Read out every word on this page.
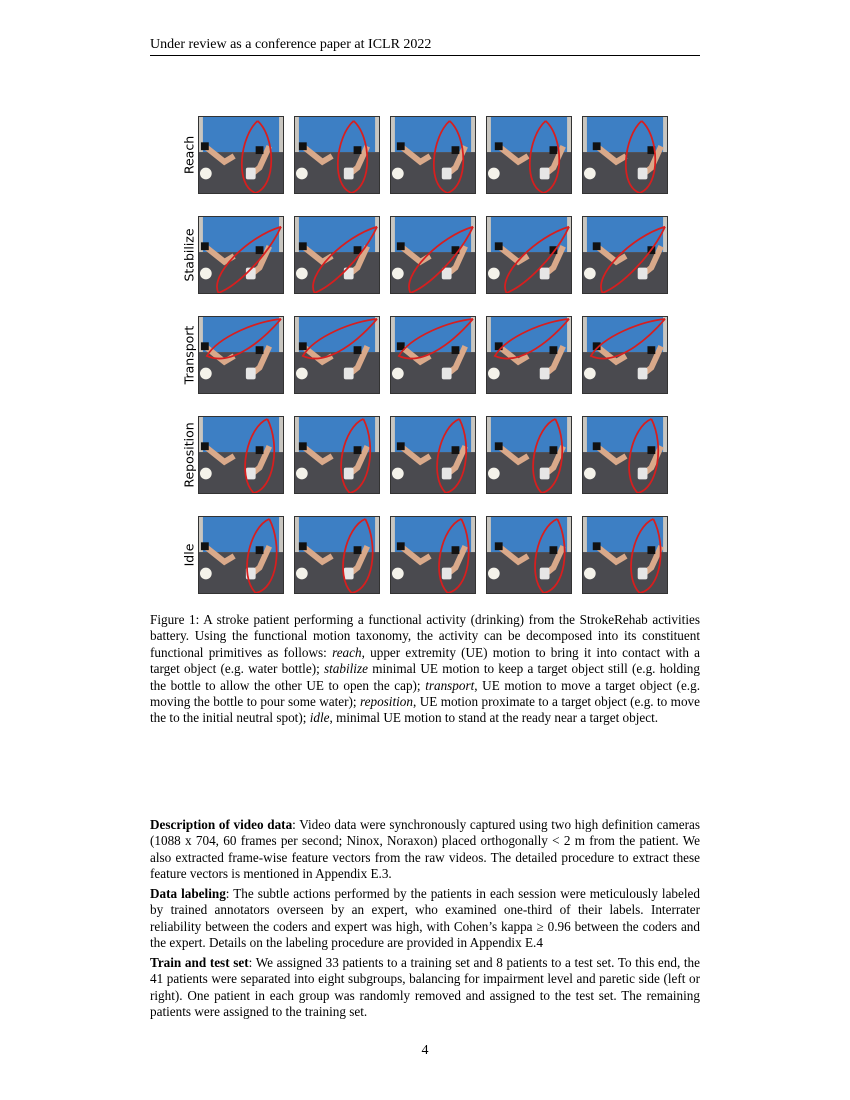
Under review as a conference paper at ICLR 2022
Reach
Stabilize
Transport
Reposition
Idle
Figure 1: A stroke patient performing a functional activity (drinking) from the StrokeRehab activities battery. Using the functional motion taxonomy, the activity can be decomposed into its constituent functional primitives as follows: reach, upper extremity (UE) motion to bring it into contact with a target object (e.g. water bottle); stabilize minimal UE motion to keep a target object still (e.g. holding the bottle to allow the other UE to open the cap); transport, UE motion to move a target object (e.g. moving the bottle to pour some water); reposition, UE motion proximate to a target object (e.g. to move the to the initial neutral spot); idle, minimal UE motion to stand at the ready near a target object.

Description of video data: Video data were synchronously captured using two high definition cameras (1088 x 704, 60 frames per second; Ninox, Noraxon) placed orthogonally < 2 m from the patient. We also extracted frame-wise feature vectors from the raw videos. The detailed procedure to extract these feature vectors is mentioned in Appendix E.3.

Data labeling: The subtle actions performed by the patients in each session were meticulously labeled by trained annotators overseen by an expert, who examined one-third of their labels. Interrater reliability between the coders and expert was high, with Cohen’s kappa ≥ 0.96 between the coders and the expert. Details on the labeling procedure are provided in Appendix E.4

Train and test set: We assigned 33 patients to a training set and 8 patients to a test set. To this end, the 41 patients were separated into eight subgroups, balancing for impairment level and paretic side (left or right). One patient in each group was randomly removed and assigned to the test set. The remaining patients were assigned to the training set.

4
